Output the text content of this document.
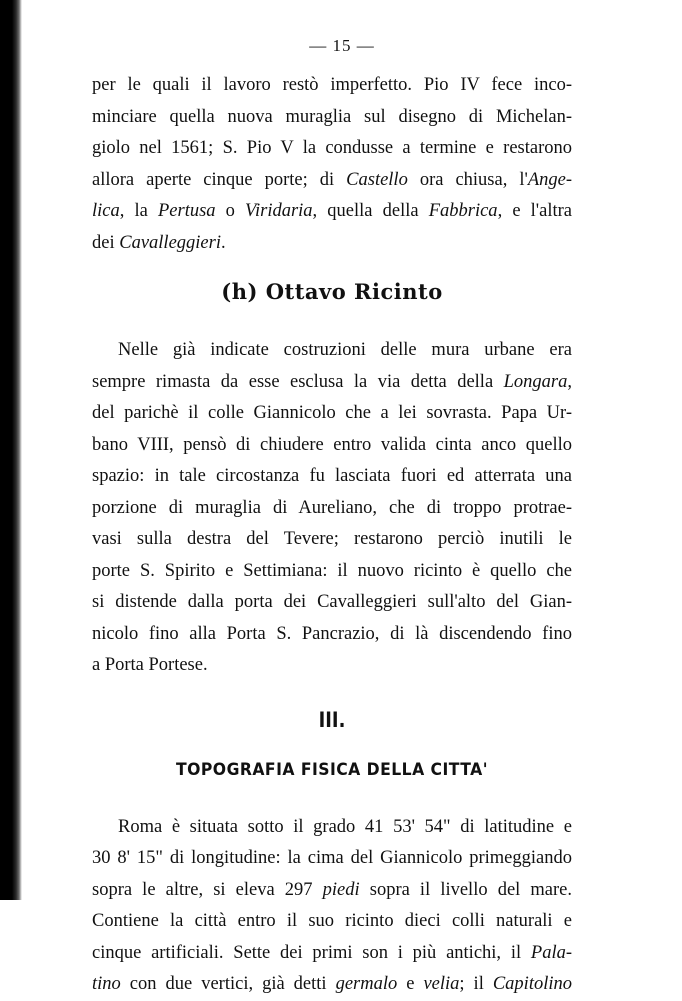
— 15 —

per le quali il lavoro restò imperfetto. Pio IV fece inco-
minciare quella nuova muraglia sul disegno di Michelan-
giolo nel 1561; S. Pio V la condusse a termine e restarono
allora aperte cinque porte; di Castello ora chiusa, l'Ange-
lica, la Pertusa o Viridaria, quella della Fabbrica, e l'altra
dei Cavalleggieri.

(h) Ottavo Ricinto

Nelle già indicate costruzioni delle mura urbane era
sempre rimasta da esse esclusa la via detta della Longara,
del parichè il colle Giannicolo che a lei sovrasta. Papa Ur-
bano VIII, pensò di chiudere entro valida cinta anco quello
spazio: in tale circostanza fu lasciata fuori ed atterrata una
porzione di muraglia di Aureliano, che di troppo protrae-
vasi sulla destra del Tevere; restarono perciò inutili le
porte S. Spirito e Settimiana: il nuovo ricinto è quello che
si distende dalla porta dei Cavalleggieri sull'alto del Gian-
nicolo fino alla Porta S. Pancrazio, di là discendendo fino
a Porta Portese.

III.
TOPOGRAFIA FISICA DELLA CITTA'

Roma è situata sotto il grado 41 53' 54" di latitudine e
30 8' 15" di longitudine: la cima del Giannicolo primeggiando
sopra le altre, si eleva 297 piedi sopra il livello del mare.
Contiene la città entro il suo ricinto dieci colli naturali e
cinque artificiali. Sette dei primi son i più antichi, il Pala-
tino con due vertici, già detti germalo e velia; il Capitolino
